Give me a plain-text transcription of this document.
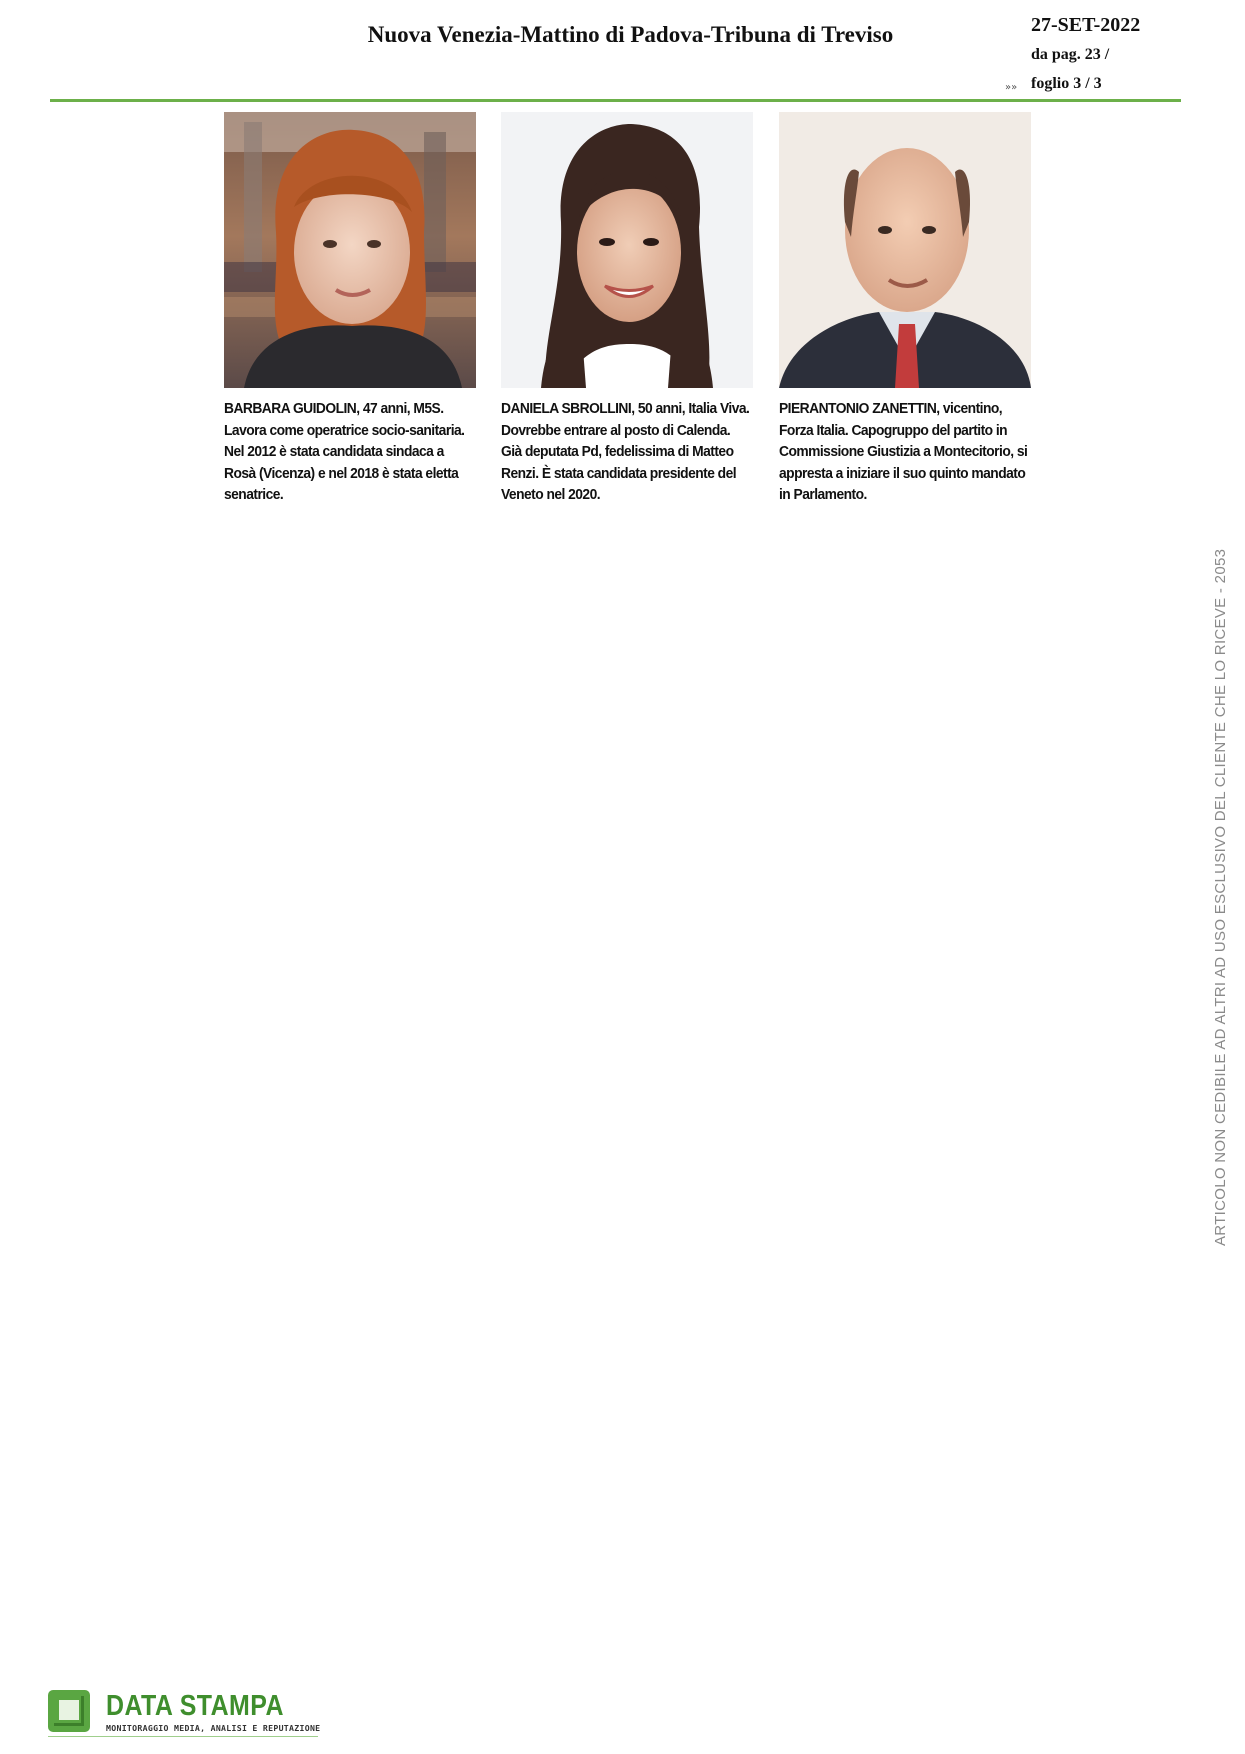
Nuova Venezia-Mattino di Padova-Tribuna di Treviso	27-SET-2022
da pag. 23 /
foglio 3 / 3
»»
BARBARA GUIDOLIN, 47 anni, M5S. Lavora come operatrice socio-sanitaria. Nel 2012 è stata candidata sindaca a Rosà (Vicenza) e nel 2018 è stata eletta senatrice.
DANIELA SBROLLINI, 50 anni, Italia Viva. Dovrebbe entrare al posto di Calenda. Già deputata Pd, fedelissima di Matteo Renzi. È stata candidata presidente del Veneto nel 2020.
PIERANTONIO ZANETTIN, vicentino, Forza Italia. Capogruppo del partito in Commissione Giustizia a Montecitorio, si appresta a iniziare il suo quinto mandato in Parlamento.
ARTICOLO NON CEDIBILE AD ALTRI AD USO ESCLUSIVO DEL CLIENTE CHE LO RICEVE - 2053
DATA STAMPA
MONITORAGGIO MEDIA, ANALISI E REPUTAZIONE
